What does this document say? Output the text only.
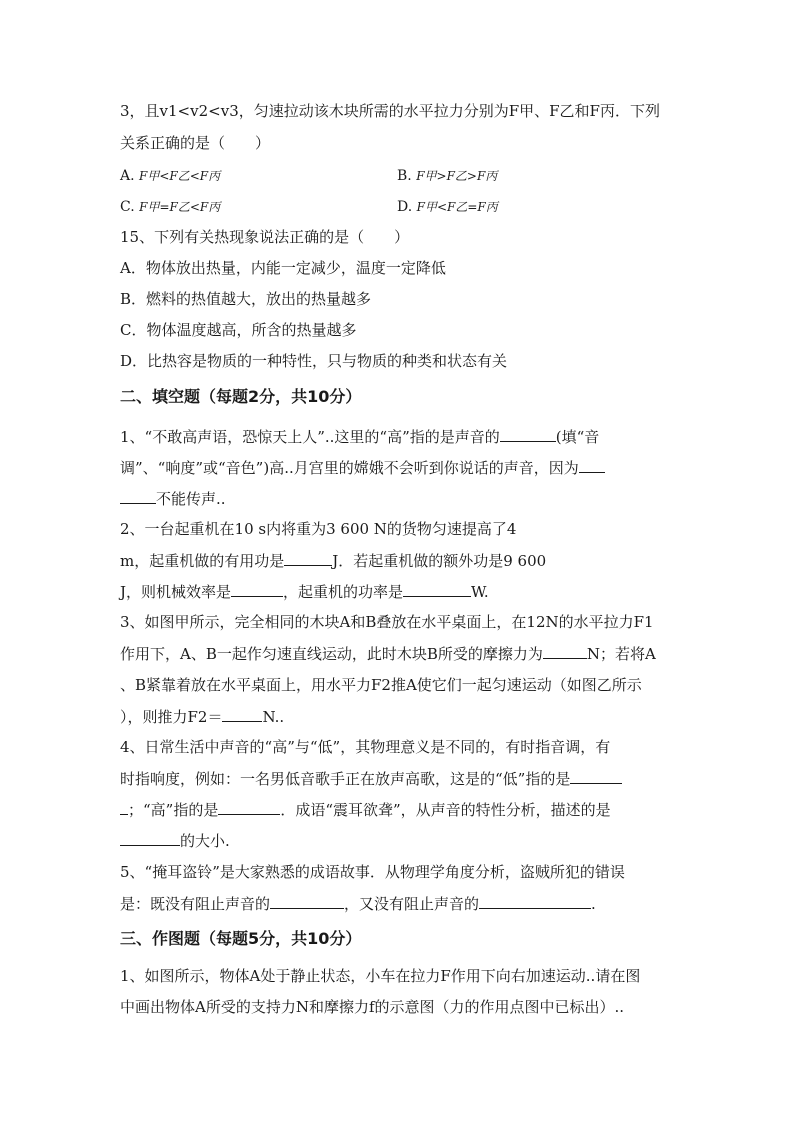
3，且v1<v2<v3，匀速拉动该木块所需的水平拉力分别为F甲、F乙和F丙．下列
关系正确的是（　　）
A. F甲<F乙<F丙	B. F甲>F乙>F丙
C. F甲=F乙<F丙	D. F甲<F乙=F丙
15、下列有关热现象说法正确的是（　　）
A．物体放出热量，内能一定减少，温度一定降低
B．燃料的热值越大，放出的热量越多
C．物体温度越高，所含的热量越多
D．比热容是物质的一种特性，只与物质的种类和状态有关
二、填空题（每题2分，共10分）
1、“不敢高声语，恐惊天上人”..这里的“高”指的是声音的	(填“音
调”、“响度”或“音色”)高..月宫里的嫦娥不会听到你说话的声音，因为
不能传声..
2、一台起重机在10 s内将重为3 600 N的货物匀速提高了4
m，起重机做的有用功是	J．若起重机做的额外功是9 600
J，则机械效率是	，起重机的功率是	W.
3、如图甲所示，完全相同的木块A和B叠放在水平桌面上，在12N的水平拉力F1
作用下，A、B一起作匀速直线运动，此时木块B所受的摩擦力为	N；若将A
、B紧靠着放在水平桌面上，用水平力F2推A使它们一起匀速运动（如图乙所示
），则推力F2＝	N..
4、日常生活中声音的“高”与“低”，其物理意义是不同的，有时指音调，有
时指响度，例如：一名男低音歌手正在放声高歌，这是的“低”指的是
；“高”指的是	．成语“震耳欲聋”，从声音的特性分析，描述的是
的大小.
5、“掩耳盗铃”是大家熟悉的成语故事．从物理学角度分析，盗贼所犯的错误
是：既没有阻止声音的	，又没有阻止声音的	.
三、作图题（每题5分，共10分）
1、如图所示，物体A处于静止状态，小车在拉力F作用下向右加速运动..请在图
中画出物体A所受的支持力N和摩擦力f的示意图（力的作用点图中已标出）..
